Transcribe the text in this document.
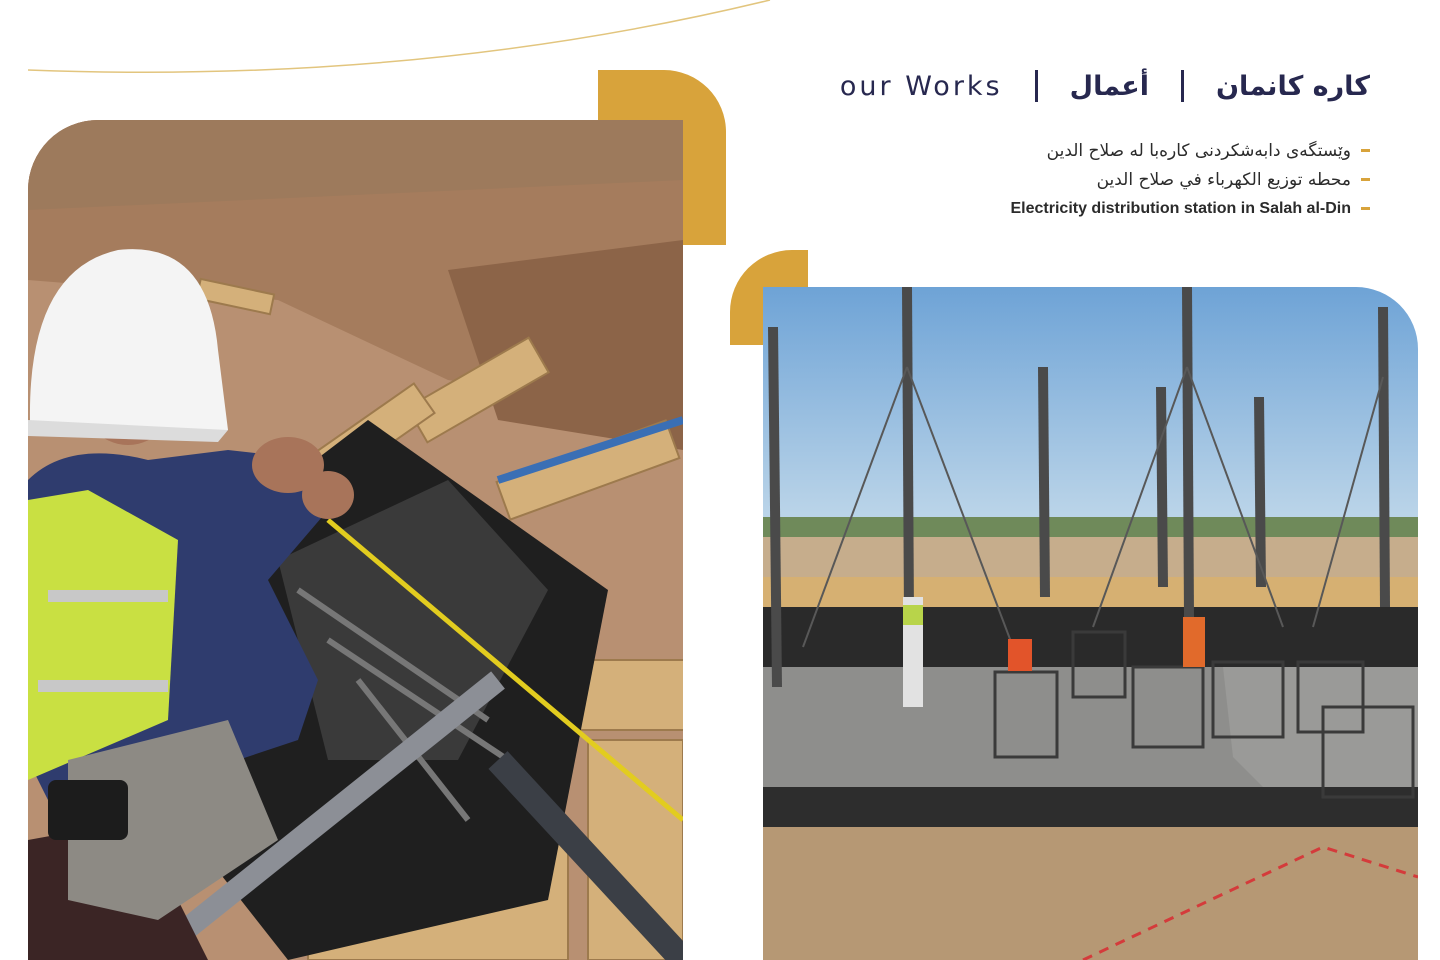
our Works أعمال کارە کانمان
وێستگەی دابەشکردنی کارەبا لە صلاح الدین
محطه توزيع الكهرباء في صلاح الدين
Electricity distribution station in Salah al-Din
